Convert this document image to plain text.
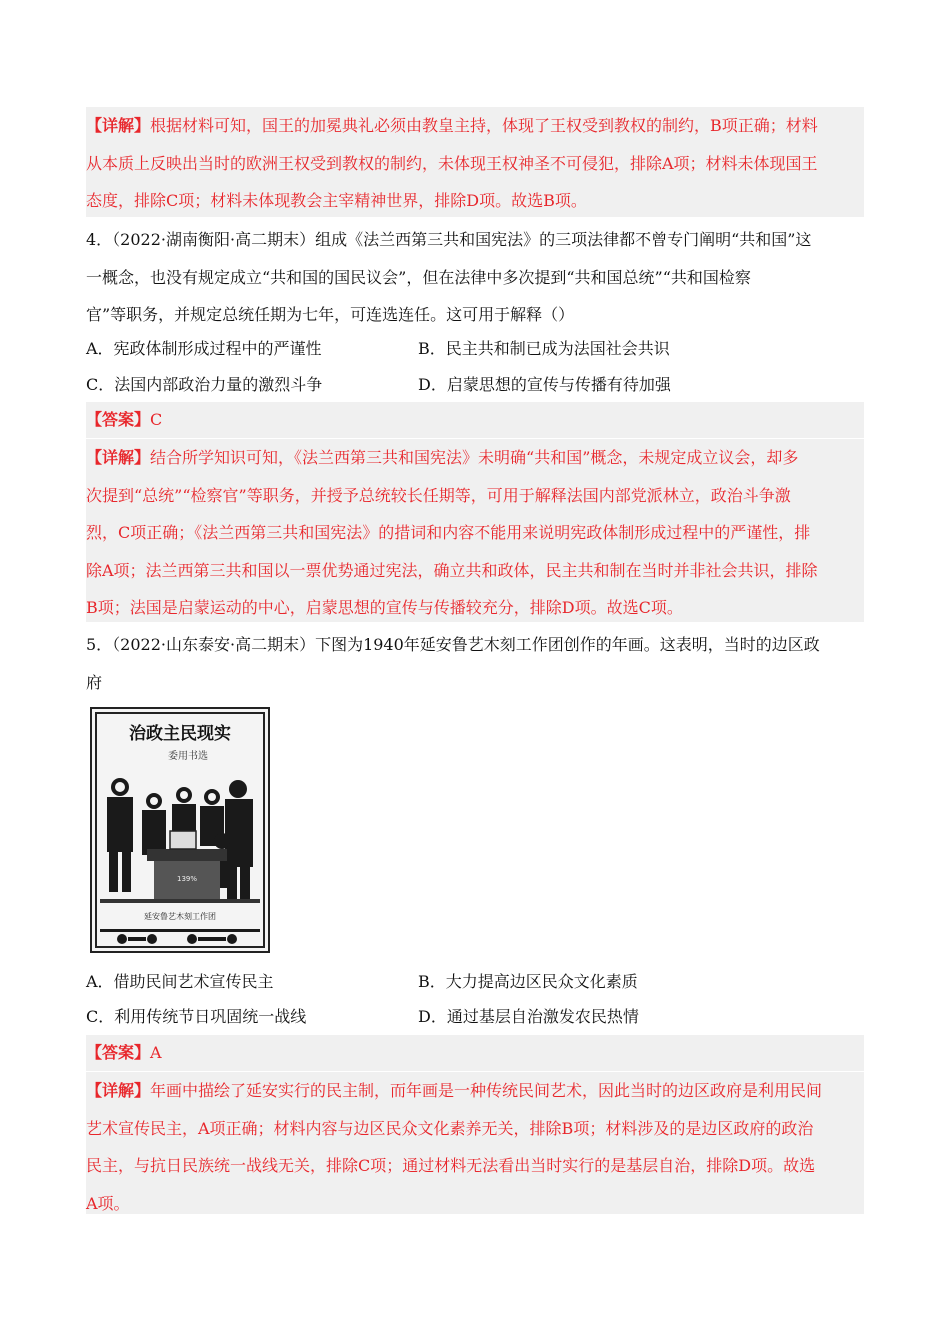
【详解】根据材料可知，国王的加冕典礼必须由教皇主持，体现了王权受到教权的制约，B项正确；材料
从本质上反映出当时的欧洲王权受到教权的制约，未体现王权神圣不可侵犯，排除A项；材料未体现国王
态度，排除C项；材料未体现教会主宰精神世界，排除D项。故选B项。
4．（2022·湖南衡阳·高二期末）组成《法兰西第三共和国宪法》的三项法律都不曾专门阐明“共和国”这
一概念，也没有规定成立“共和国的国民议会”，但在法律中多次提到“共和国总统”“共和国检察
官”等职务，并规定总统任期为七年，可连选连任。这可用于解释（）
A．宪政体制形成过程中的严谨性	B．民主共和制已成为法国社会共识
C．法国内部政治力量的激烈斗争	D．启蒙思想的宣传与传播有待加强
【答案】C
【详解】结合所学知识可知，《法兰西第三共和国宪法》未明确“共和国”概念，未规定成立议会，却多
次提到“总统”“检察官”等职务，并授予总统较长任期等，可用于解释法国内部党派林立，政治斗争激
烈，C项正确；《法兰西第三共和国宪法》的措词和内容不能用来说明宪政体制形成过程中的严谨性，排
除A项；法兰西第三共和国以一票优势通过宪法，确立共和政体，民主共和制在当时并非社会共识，排除
B项；法国是启蒙运动的中心，启蒙思想的宣传与传播较充分，排除D项。故选C项。
5．（2022·山东泰安·高二期末）下图为1940年延安鲁艺木刻工作团创作的年画。这表明，当时的边区政
府
治政主民现实
委用书选
139%
延安鲁艺木刻工作团
A．借助民间艺术宣传民主	B．大力提高边区民众文化素质
C．利用传统节日巩固统一战线	D．通过基层自治激发农民热情
【答案】A
【详解】年画中描绘了延安实行的民主制，而年画是一种传统民间艺术，因此当时的边区政府是利用民间
艺术宣传民主，A项正确；材料内容与边区民众文化素养无关，排除B项；材料涉及的是边区政府的政治
民主，与抗日民族统一战线无关，排除C项；通过材料无法看出当时实行的是基层自治，排除D项。故选
A项。
